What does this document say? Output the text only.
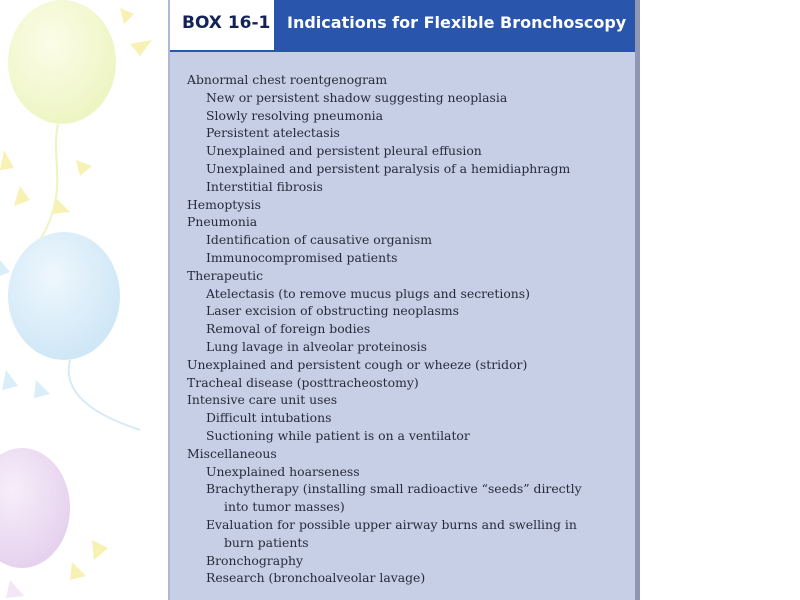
BOX 16-1	Indications for Flexible Bronchoscopy
Abnormal chest roentgenogram
New or persistent shadow suggesting neoplasia
Slowly resolving pneumonia
Persistent atelectasis
Unexplained and persistent pleural effusion
Unexplained and persistent paralysis of a hemidiaphragm
Interstitial fibrosis
Hemoptysis
Pneumonia
Identification of causative organism
Immunocompromised patients
Therapeutic
Atelectasis (to remove mucus plugs and secretions)
Laser excision of obstructing neoplasms
Removal of foreign bodies
Lung lavage in alveolar proteinosis
Unexplained and persistent cough or wheeze (stridor)
Tracheal disease (posttracheostomy)
Intensive care unit uses
Difficult intubations
Suctioning while patient is on a ventilator
Miscellaneous
Unexplained hoarseness
Brachytherapy (installing small radioactive “seeds” directly
into tumor masses)
Evaluation for possible upper airway burns and swelling in
burn patients
Bronchography
Research (bronchoalveolar lavage)
